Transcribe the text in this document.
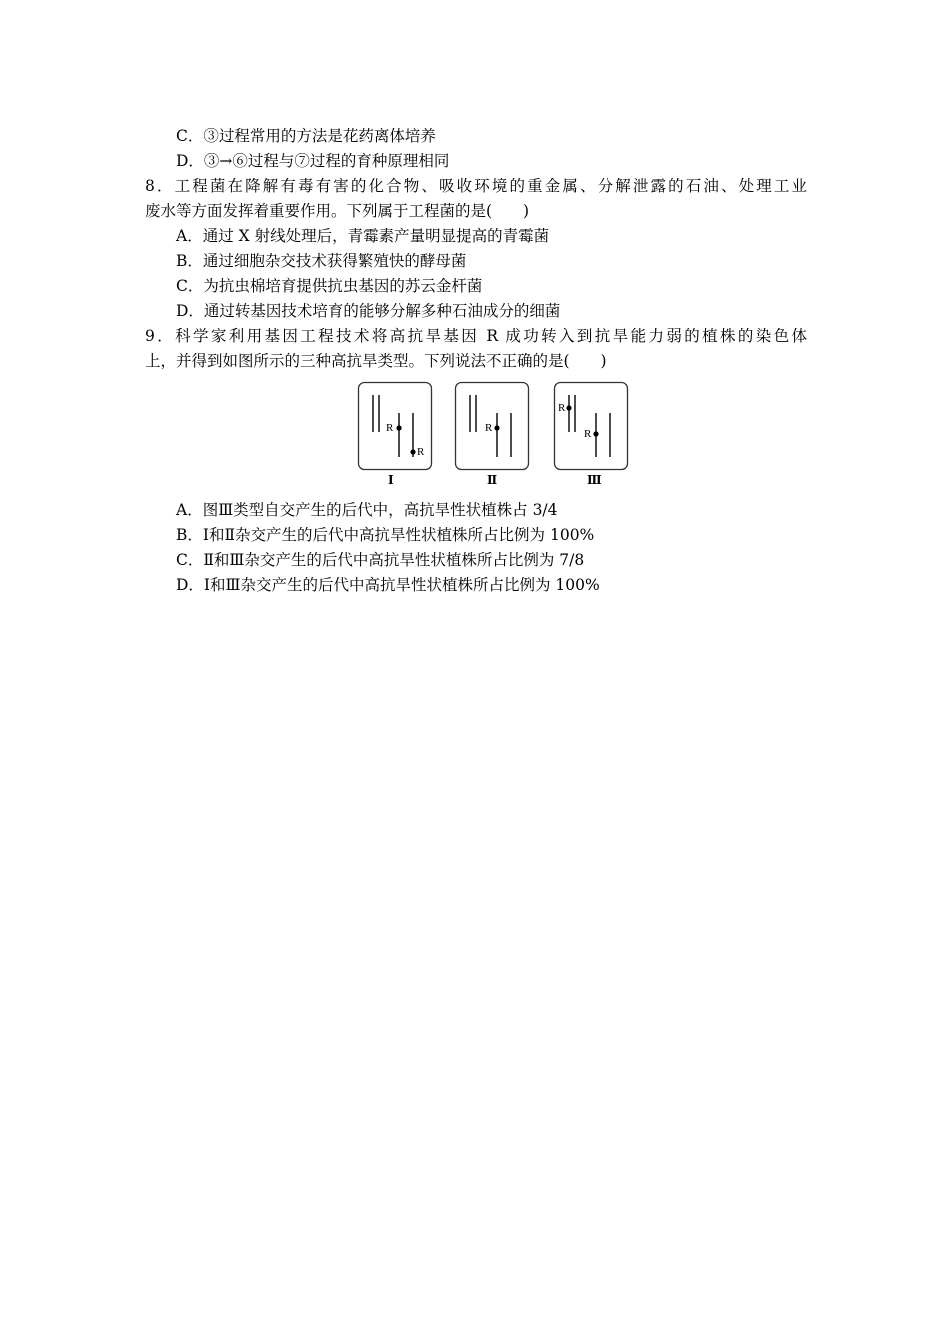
C．③过程常用的方法是花药离体培养
D．③→⑥过程与⑦过程的育种原理相同
8．工程菌在降解有毒有害的化合物、吸收环境的重金属、分解泄露的石油、处理工业
废水等方面发挥着重要作用。下列属于工程菌的是(　　)
A．通过 X 射线处理后，青霉素产量明显提高的青霉菌
B．通过细胞杂交技术获得繁殖快的酵母菌
C．为抗虫棉培育提供抗虫基因的苏云金杆菌
D．通过转基因技术培育的能够分解多种石油成分的细菌
9．科学家利用基因工程技术将高抗旱基因 R 成功转入到抗旱能力弱的植株的染色体
上，并得到如图所示的三种高抗旱类型。下列说法不正确的是(　　)
R
R
R
R
R
Ⅰ	Ⅱ	Ⅲ
A．图Ⅲ类型自交产生的后代中，高抗旱性状植株占 3/4
B．Ⅰ和Ⅱ杂交产生的后代中高抗旱性状植株所占比例为 100%
C．Ⅱ和Ⅲ杂交产生的后代中高抗旱性状植株所占比例为 7/8
D．Ⅰ和Ⅲ杂交产生的后代中高抗旱性状植株所占比例为 100%
